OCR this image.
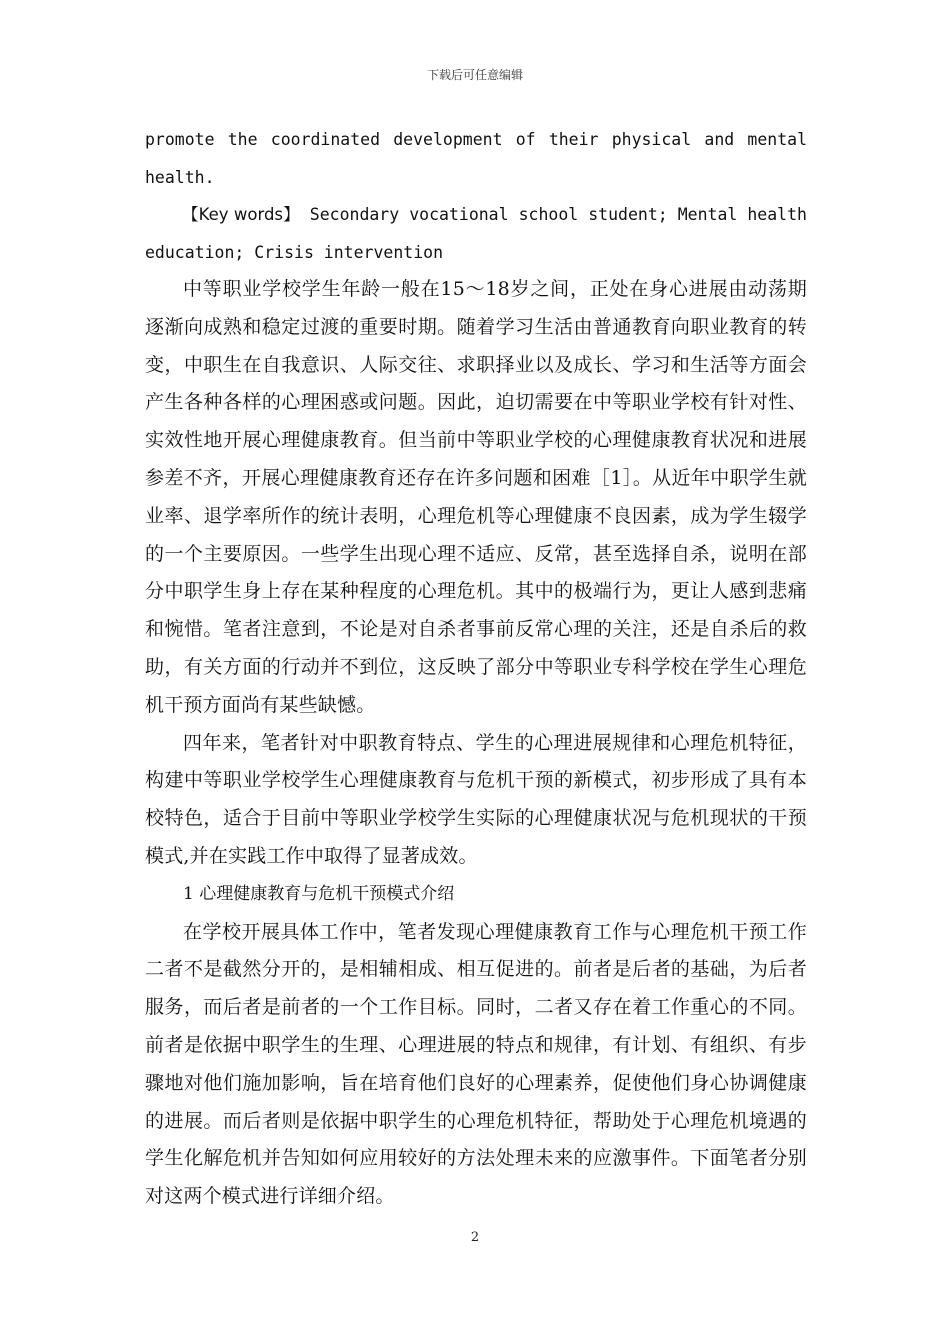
下载后可任意编辑

promote the coordinated development of their physical and mental health.

【Key words】 Secondary vocational school student; Mental health education; Crisis intervention

中等职业学校学生年龄一般在15～18岁之间，正处在身心进展由动荡期逐渐向成熟和稳定过渡的重要时期。随着学习生活由普通教育向职业教育的转变，中职生在自我意识、人际交往、求职择业以及成长、学习和生活等方面会产生各种各样的心理困惑或问题。因此，迫切需要在中等职业学校有针对性、实效性地开展心理健康教育。但当前中等职业学校的心理健康教育状况和进展参差不齐，开展心理健康教育还存在许多问题和困难［1］。从近年中职学生就业率、退学率所作的统计表明，心理危机等心理健康不良因素，成为学生辍学的一个主要原因。一些学生出现心理不适应、反常，甚至选择自杀，说明在部分中职学生身上存在某种程度的心理危机。其中的极端行为，更让人感到悲痛和惋惜。笔者注意到，不论是对自杀者事前反常心理的关注，还是自杀后的救助，有关方面的行动并不到位，这反映了部分中等职业专科学校在学生心理危机干预方面尚有某些缺憾。

四年来，笔者针对中职教育特点、学生的心理进展规律和心理危机特征，构建中等职业学校学生心理健康教育与危机干预的新模式，初步形成了具有本校特色，适合于目前中等职业学校学生实际的心理健康状况与危机现状的干预模式,并在实践工作中取得了显著成效。

1 心理健康教育与危机干预模式介绍

在学校开展具体工作中，笔者发现心理健康教育工作与心理危机干预工作二者不是截然分开的，是相辅相成、相互促进的。前者是后者的基础，为后者服务，而后者是前者的一个工作目标。同时，二者又存在着工作重心的不同。前者是依据中职学生的生理、心理进展的特点和规律，有计划、有组织、有步骤地对他们施加影响，旨在培育他们良好的心理素养，促使他们身心协调健康的进展。而后者则是依据中职学生的心理危机特征，帮助处于心理危机境遇的学生化解危机并告知如何应用较好的方法处理未来的应激事件。下面笔者分别对这两个模式进行详细介绍。

2
